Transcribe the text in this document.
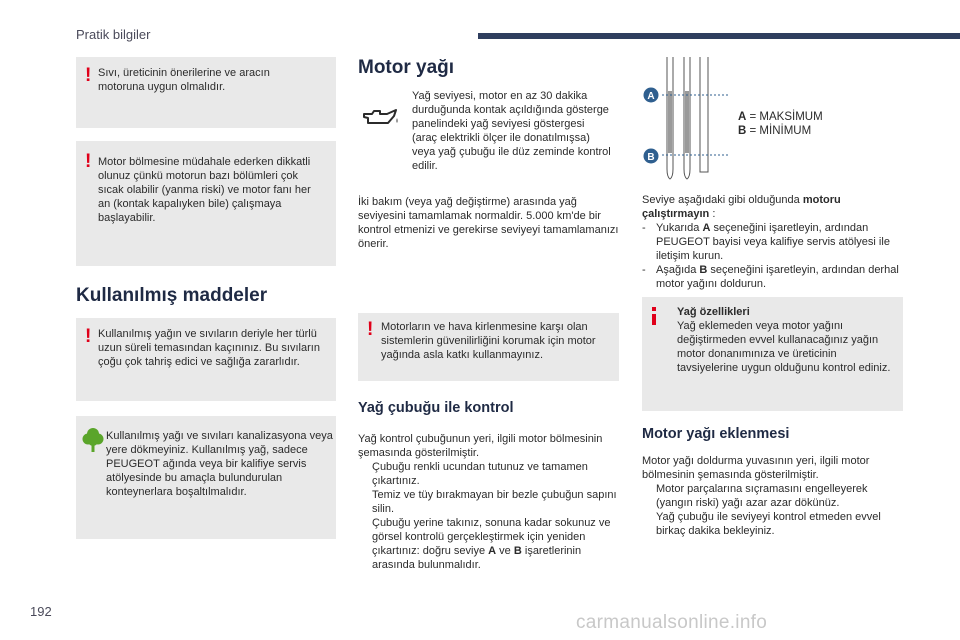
Pratik bilgiler
192
carmanualsonline.info
!

Sıvı, üreticinin önerilerine ve aracın motoruna uygun olmalıdır.

!

Motor bölmesine müdahale ederken dikkatli olunuz çünkü motorun bazı bölümleri çok sıcak olabilir (yanma riski) ve motor fanı her an (kontak kapalıyken bile) çalışmaya başlayabilir.

Kullanılmış maddeler
!

Kullanılmış yağın ve sıvıların deriyle her türlü uzun süreli temasından kaçınınız. Bu sıvıların çoğu çok tahriş edici ve sağlığa zararlıdır.

Kullanılmış yağı ve sıvıları kanalizasyona veya yere dökmeyiniz. Kullanılmış yağ, sadece PEUGEOT ağında veya bir kalifiye servis atölyesinde bu amaçla bulundurulan konteynerlara boşaltılmalıdır.

Motor yağı
Yağ seviyesi, motor en az 30 dakika durduğunda kontak açıldığında gösterge panelindeki yağ seviyesi göstergesi (araç elektrikli ölçer ile donatılmışsa) veya yağ çubuğu ile düz zeminde kontrol edilir.
İki bakım (veya yağ değiştirme) arasında yağ seviyesini tamamlamak normaldir. 5.000 km'de bir kontrol etmenizi ve gerekirse seviyeyi tamamlamanızı önerir.
!

Motorların ve hava kirlenmesine karşı olan sistemlerin güvenilirliğini korumak için motor yağında asla katkı kullanmayınız.

Yağ çubuğu ile kontrol

Yağ kontrol çubuğunun yeri, ilgili motor bölmesinin şemasında gösterilmiştir.

Çubuğu renkli ucundan tutunuz ve tamamen çıkartınız.
Temiz ve tüy bırakmayan bir bezle çubuğun sapını silin.
Çubuğu yerine takınız, sonuna kadar sokunuz ve görsel kontrolü gerçekleştirmek için yeniden çıkartınız: doğru seviye A ve B işaretlerinin arasında bulunmalıdır.
A
B

A = MAKSİMUM

B = MİNİMUM

Seviye aşağıdaki gibi olduğunda motoru çalıştırmayın :

- Yukarıda A seçeneğini işaretleyin, ardından PEUGEOT bayisi veya kalifiye servis atölyesi ile iletişim kurun.
- Aşağıda B seçeneğini işaretleyin, ardından derhal motor yağını doldurun.

Yağ özellikleri

Yağ eklemeden veya motor yağını değiştirmeden evvel kullanacağınız yağın motor donanımınıza ve üreticinin tavsiyelerine uygun olduğunu kontrol ediniz.

Motor yağı eklenmesi

Motor yağı doldurma yuvasının yeri, ilgili motor bölmesinin şemasında gösterilmiştir.

Motor parçalarına sıçramasını engelleyerek (yangın riski) yağı azar azar dökünüz.
Yağ çubuğu ile seviyeyi kontrol etmeden evvel birkaç dakika bekleyiniz.
